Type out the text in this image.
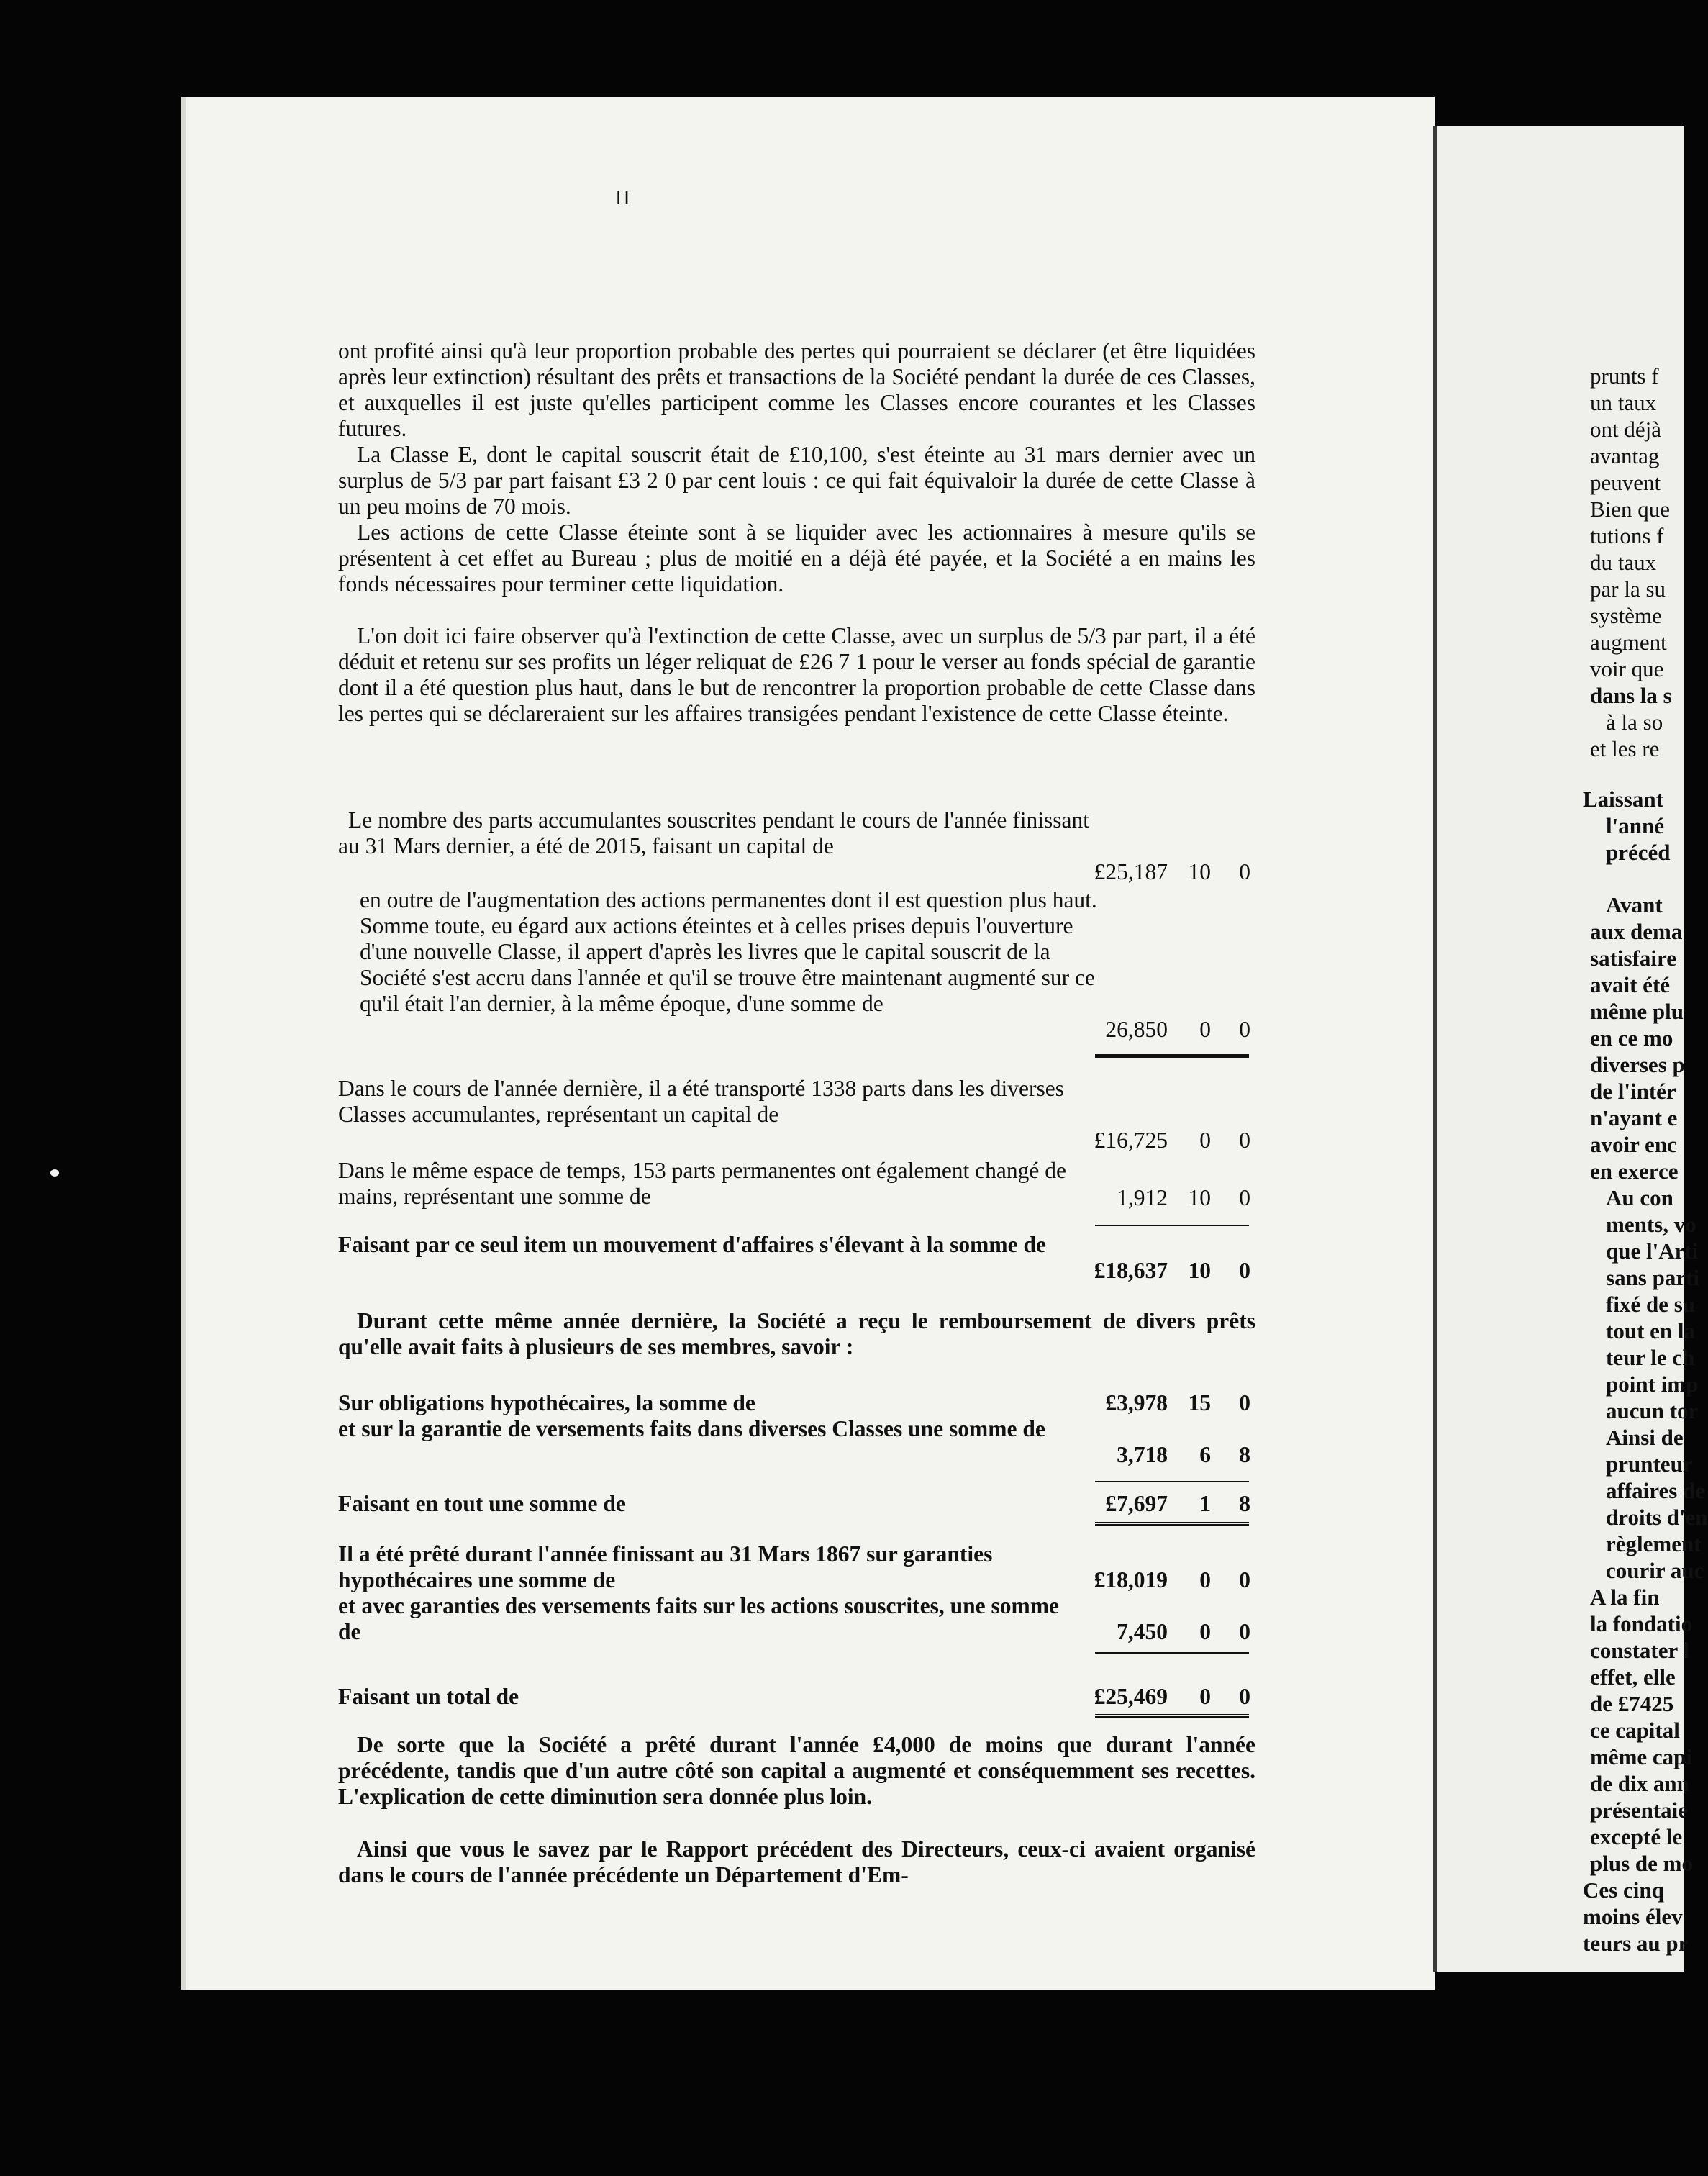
II
ont profité ainsi qu'à leur proportion probable des pertes qui pourraient se déclarer (et être liquidées après leur extinction) résultant des prêts et transactions de la Société pendant la durée de ces Classes, et auxquelles il est juste qu'elles participent comme les Classes encore courantes et les Classes futures.
La Classe E, dont le capital souscrit était de £10,100, s'est éteinte au 31 mars dernier avec un surplus de 5/3 par part faisant £3 2 0 par cent louis : ce qui fait équivaloir la durée de cette Classe à un peu moins de 70 mois.
Les actions de cette Classe éteinte sont à se liquider avec les actionnaires à mesure qu'ils se présentent à cet effet au Bureau ; plus de moitié en a déjà été payée, et la Société a en mains les fonds nécessaires pour terminer cette liquidation.
L'on doit ici faire observer qu'à l'extinction de cette Classe, avec un surplus de 5/3 par part, il a été déduit et retenu sur ses profits un léger reliquat de £26 7 1 pour le verser au fonds spécial de garantie dont il a été question plus haut, dans le but de rencontrer la proportion probable de cette Classe dans les pertes qui se déclareraient sur les affaires transigées pendant l'existence de cette Classe éteinte.
Le nombre des parts accumulantes souscrites pendant le cours de l'année finissant au 31 Mars dernier, a été de 2015, faisant un capital de
£25,187 10 0
en outre de l'augmentation des actions permanentes dont il est question plus haut. Somme toute, eu égard aux actions éteintes et à celles prises depuis l'ouverture d'une nouvelle Classe, il appert d'après les livres que le capital souscrit de la Société s'est accru dans l'année et qu'il se trouve être maintenant augmenté sur ce qu'il était l'an dernier, à la même époque, d'une somme de
26,850 0 0
Dans le cours de l'année dernière, il a été transporté 1338 parts dans les diverses Classes accumulantes, représentant un capital de
£16,725 0 0
Dans le même espace de temps, 153 parts permanentes ont également changé de mains, représentant une somme de	1,912 10 0
Faisant par ce seul item un mouvement d'affaires s'élevant à la somme de
£18,637 10 0
Durant cette même année dernière, la Société a reçu le remboursement de divers prêts qu'elle avait faits à plusieurs de ses membres, savoir :
Sur obligations hypothécaires, la somme de	£3,978 15 0
et sur la garantie de versements faits dans diverses Classes une somme de
3,718 6 8
Faisant en tout une somme de	£7,697 1 8
Il a été prêté durant l'année finissant au 31 Mars 1867 sur garanties hypothécaires une somme de	£18,019 0 0
et avec garanties des versements faits sur les actions souscrites, une somme de	7,450 0 0
Faisant un total de	£25,469 0 0
De sorte que la Société a prêté durant l'année £4,000 de moins que durant l'année précédente, tandis que d'un autre côté son capital a augmenté et conséquemment ses recettes. L'explication de cette diminution sera donnée plus loin.
Ainsi que vous le savez par le Rapport précédent des Directeurs, ceux-ci avaient organisé dans le cours de l'année précédente un Département d'Em-
prunts f
un taux
ont déjà
avantag
peuvent
Bien que
tutions f
du taux
par la su
système
augment
voir que
dans la s
à la so
et les re
Laissant
l'anné
précéd
Avant
aux dema
satisfaire
avait été
même plu
en ce mo
diverses p
de l'intér
n'ayant e
avoir enc
en exerce
Au con
ments, vo
que l'Arti
sans parti
fixé de su
tout en la
teur le ch
point imp
aucun tor
Ainsi de
prunteur
affaires de
droits d'en
règlement
courir auc
A la fin
la fondatio
constater l
effet, elle
de £7425
ce capital
même capi
de dix ann
présentaie
excepté le
plus de mo
Ces cinq
moins élev
teurs au pr
